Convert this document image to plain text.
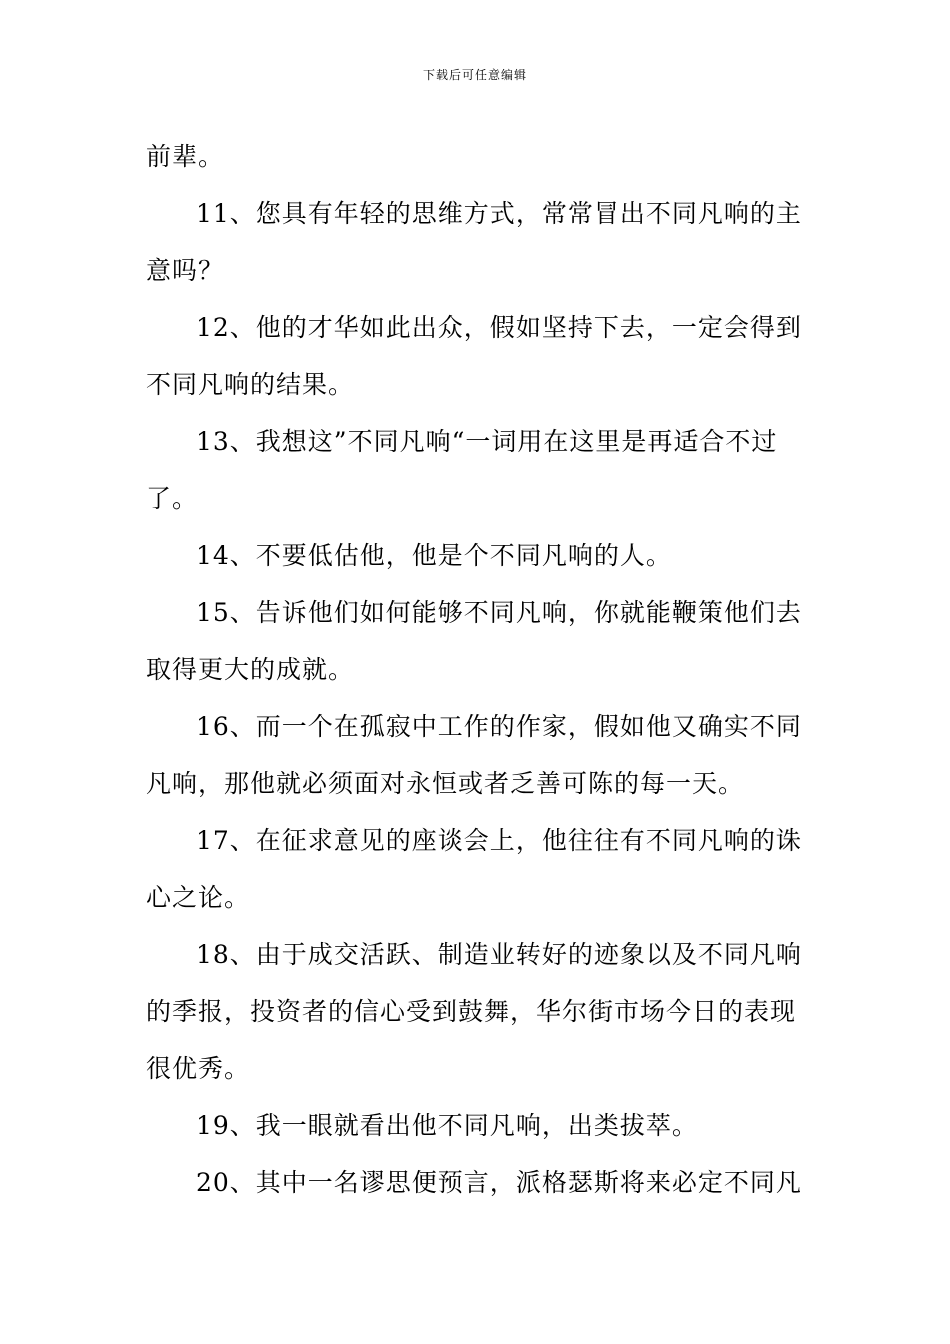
下载后可任意编辑

前辈。

11、您具有年轻的思维方式，常常冒出不同凡响的主意吗？

12、他的才华如此出众，假如坚持下去，一定会得到不同凡响的结果。

13、我想这”不同凡响“一词用在这里是再适合不过了。

14、不要低估他，他是个不同凡响的人。

15、告诉他们如何能够不同凡响，你就能鞭策他们去取得更大的成就。

16、而一个在孤寂中工作的作家，假如他又确实不同凡响，那他就必须面对永恒或者乏善可陈的每一天。

17、在征求意见的座谈会上，他往往有不同凡响的诛心之论。

18、由于成交活跃、制造业转好的迹象以及不同凡响的季报，投资者的信心受到鼓舞，华尔街市场今日的表现很优秀。

19、我一眼就看出他不同凡响，出类拔萃。

20、其中一名谬思便预言，派格瑟斯将来必定不同凡
